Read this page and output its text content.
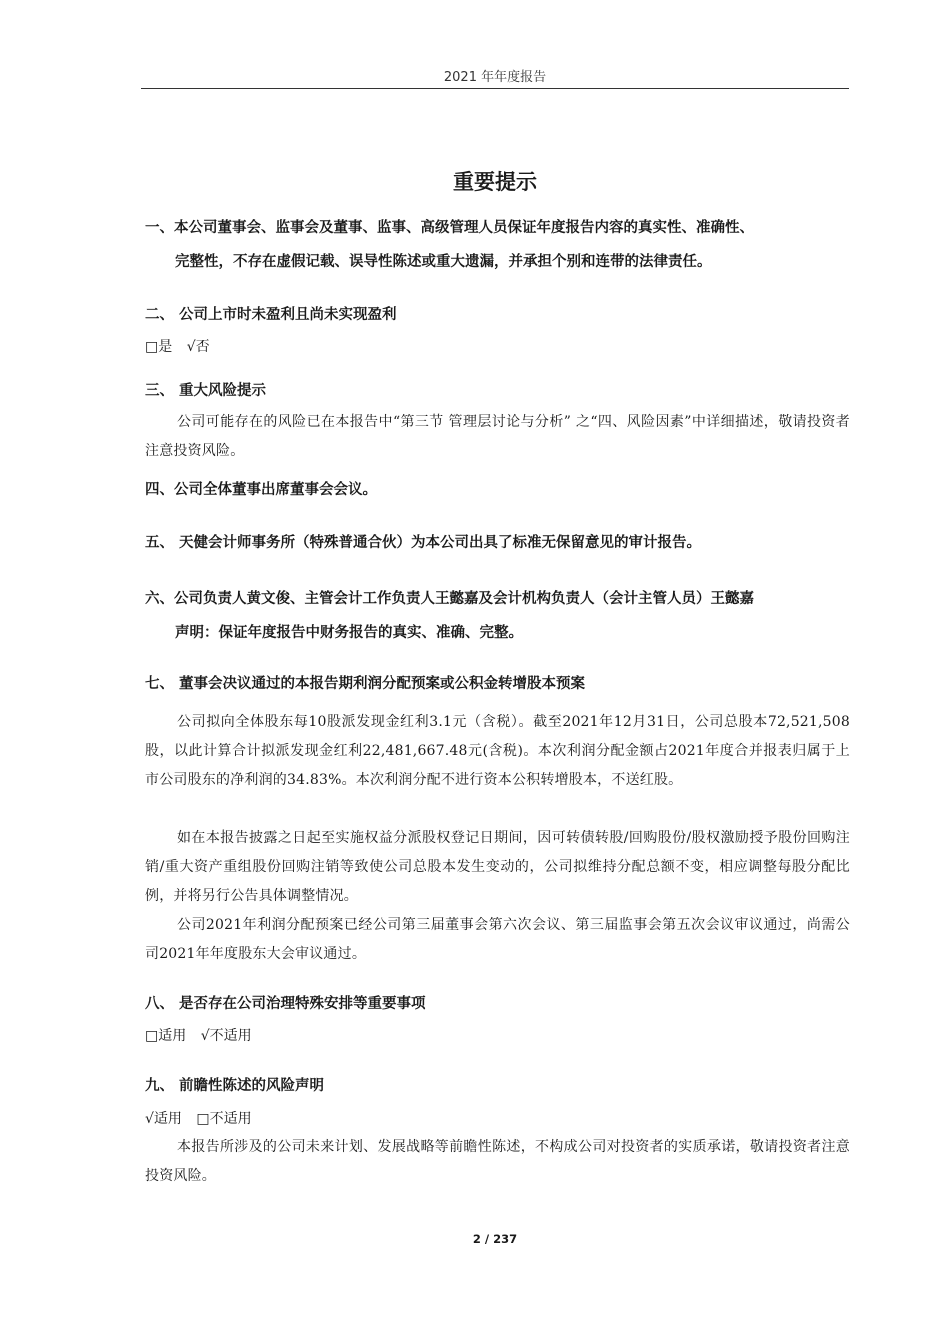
2021 年年度报告
重要提示
一、本公司董事会、监事会及董事、监事、高级管理人员保证年度报告内容的真实性、准确性、
完整性，不存在虚假记载、误导性陈述或重大遗漏，并承担个别和连带的法律责任。
二、 公司上市时未盈利且尚未实现盈利
□是 √否
三、 重大风险提示
公司可能存在的风险已在本报告中“第三节 管理层讨论与分析” 之“四、风险因素”中详细描述，敬请投资者注意投资风险。
四、公司全体董事出席董事会会议。
五、 天健会计师事务所（特殊普通合伙）为本公司出具了标准无保留意见的审计报告。
六、公司负责人黄文俊、主管会计工作负责人王懿嘉及会计机构负责人（会计主管人员）王懿嘉
声明：保证年度报告中财务报告的真实、准确、完整。
七、 董事会决议通过的本报告期利润分配预案或公积金转增股本预案
公司拟向全体股东每10股派发现金红利3.1元（含税）。截至2021年12月31日，公司总股本72,521,508股，以此计算合计拟派发现金红利22,481,667.48元(含税)。本次利润分配金额占2021年度合并报表归属于上市公司股东的净利润的34.83%。本次利润分配不进行资本公积转增股本，不送红股。
如在本报告披露之日起至实施权益分派股权登记日期间，因可转债转股/回购股份/股权激励授予股份回购注销/重大资产重组股份回购注销等致使公司总股本发生变动的，公司拟维持分配总额不变，相应调整每股分配比例，并将另行公告具体调整情况。
公司2021年利润分配预案已经公司第三届董事会第六次会议、第三届监事会第五次会议审议通过，尚需公司2021年年度股东大会审议通过。
八、 是否存在公司治理特殊安排等重要事项
□适用 √不适用
九、 前瞻性陈述的风险声明
√适用 □不适用
本报告所涉及的公司未来计划、发展战略等前瞻性陈述，不构成公司对投资者的实质承诺，敬请投资者注意投资风险。
2 / 237
